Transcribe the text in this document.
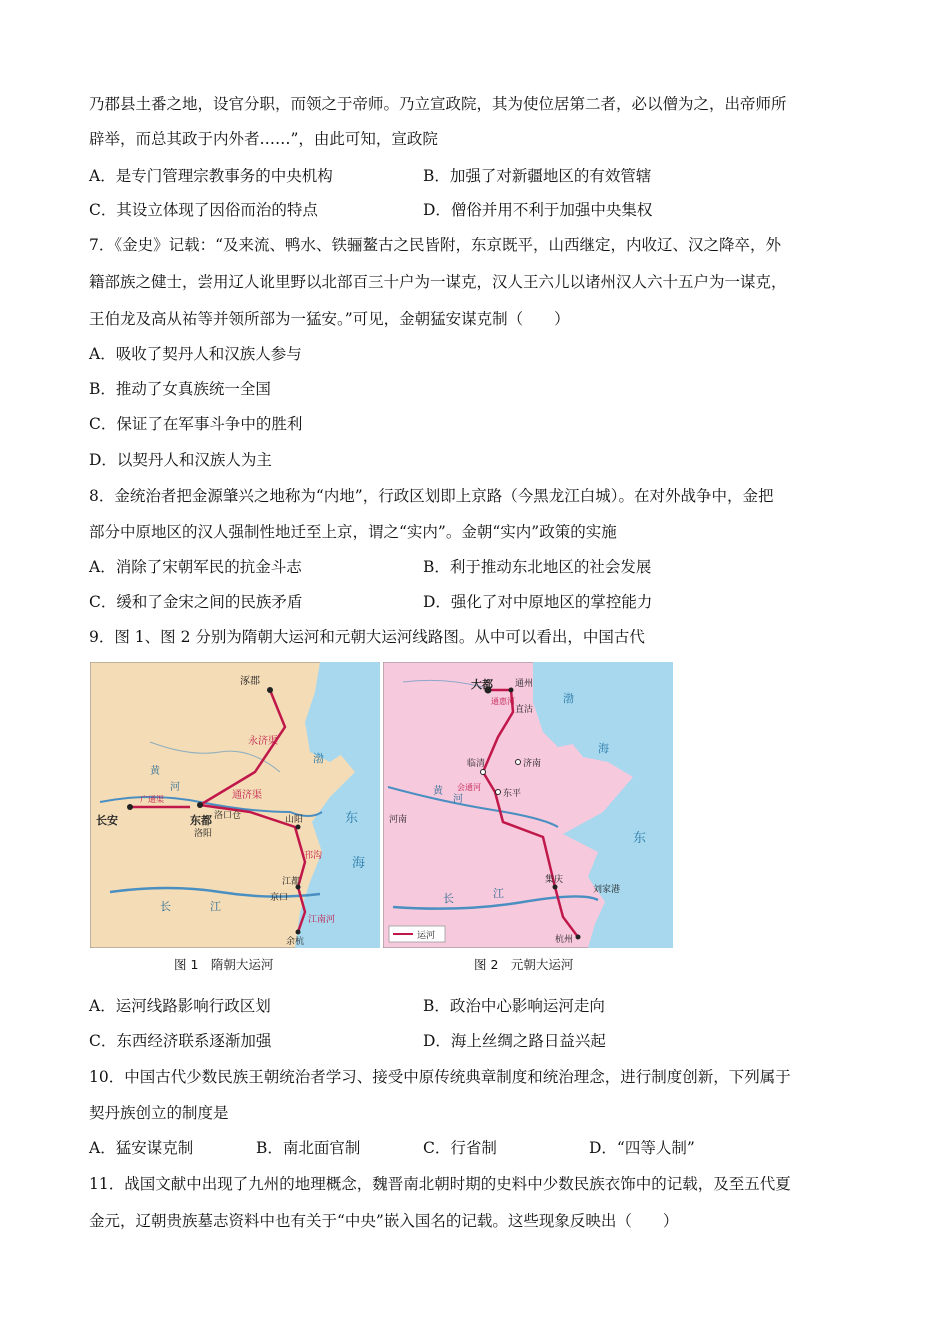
乃郡县土番之地，设官分职，而领之于帝师。乃立宣政院，其为使位居第二者，必以僧为之，出帝师所
辟举，而总其政于内外者……”，由此可知，宣政院
A．是专门管理宗教事务的中央机构	B．加强了对新疆地区的有效管辖
C．其设立体现了因俗而治的特点	D．僧俗并用不利于加强中央集权
7．《金史》记载：“及来流、鸭水、铁骊鳌古之民皆附，东京既平，山西继定，内收辽、汉之降卒，外
籍部族之健士，尝用辽人讹里野以北部百三十户为一谋克，汉人王六儿以诸州汉人六十五户为一谋克，
王伯龙及高从祐等并领所部为一猛安。”可见，金朝猛安谋克制（　　）
A．吸收了契丹人和汉族人参与
B．推动了女真族统一全国
C．保证了在军事斗争中的胜利
D．以契丹人和汉族人为主
8．金统治者把金源肇兴之地称为“内地”，行政区划即上京路（今黑龙江白城）。在对外战争中，金把
部分中原地区的汉人强制性地迁至上京，谓之“实内”。金朝“实内”政策的实施
A．消除了宋朝军民的抗金斗志	B．利于推动东北地区的社会发展
C．缓和了金宋之间的民族矛盾	D．强化了对中原地区的掌控能力
9．图 1、图 2 分别为隋朝大运河和元朝大运河线路图。从中可以看出，中国古代
涿郡
渤
东
海
长安	东都
洛阳
洛口仓	山阳
江都
京口
余杭
永济渠
通济渠
邗沟
江南河
广通渠
黄
河
长	江
图 1　隋朝大运河
大都 通州
直沽
临清	济南
东平
河南
集庆
刘家港
杭州
渤
海
东
通惠河
会通河
黄
河
长	江
运河
图 2　元朝大运河
A．运河线路影响行政区划	B．政治中心影响运河走向
C．东西经济联系逐渐加强	D．海上丝绸之路日益兴起
10．中国古代少数民族王朝统治者学习、接受中原传统典章制度和统治理念，进行制度创新，下列属于
契丹族创立的制度是
A．猛安谋克制	B．南北面官制	C．行省制	D．“四等人制”
11．战国文献中出现了九州的地理概念，魏晋南北朝时期的史料中少数民族衣饰中的记载，及至五代夏
金元，辽朝贵族墓志资料中也有关于“中央”嵌入国名的记载。这些现象反映出（　　）
